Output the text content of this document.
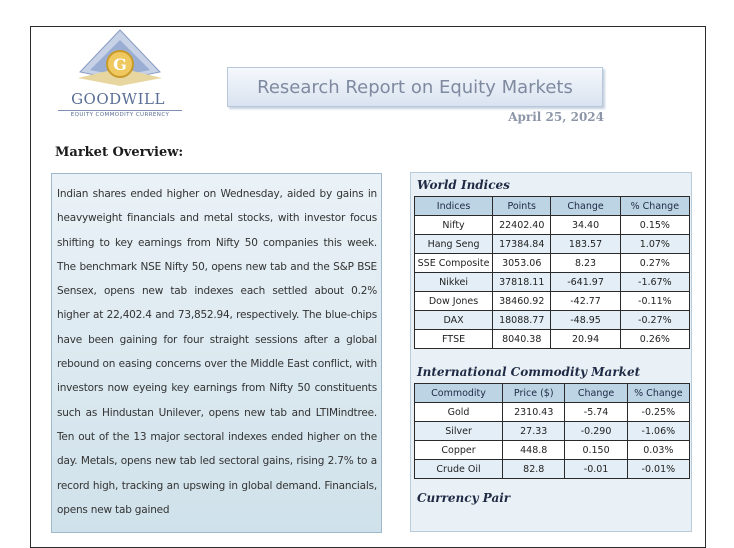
G
GOODWILL
EQUITY COMMODITY CURRENCY
Research Report on Equity Markets
April 25, 2024
Market Overview:
Indian shares ended higher on Wednesday, aided by gains in heavyweight financials and metal stocks, with investor focus shifting to key earnings from Nifty 50 companies this week. The benchmark NSE Nifty 50, opens new tab and the S&P BSE Sensex, opens new tab indexes each settled about 0.2% higher at 22,402.4 and 73,852.94, respectively. The blue-chips have been gaining for four straight sessions after a global rebound on easing concerns over the Middle East conflict, with investors now eyeing key earnings from Nifty 50 constituents such as Hindustan Unilever, opens new tab and LTIMindtree. Ten out of the 13 major sectoral indexes ended higher on the day. Metals, opens new tab led sectoral gains, rising 2.7% to a record high, tracking an upswing in global demand. Financials, opens new tab gained
World Indices
Indices	Points	Change	% Change
Nifty	22402.40	34.40	0.15%
Hang Seng	17384.84	183.57	1.07%
SSE Composite	3053.06	8.23	0.27%
Nikkei	37818.11	-641.97	-1.67%
Dow Jones	38460.92	-42.77	-0.11%
DAX	18088.77	-48.95	-0.27%
FTSE	8040.38	20.94	0.26%
International Commodity Market
Commodity	Price ($)	Change	% Change
Gold	2310.43	-5.74	-0.25%
Silver	27.33	-0.290	-1.06%
Copper	448.8	0.150	0.03%
Crude Oil	82.8	-0.01	-0.01%
Currency Pair
